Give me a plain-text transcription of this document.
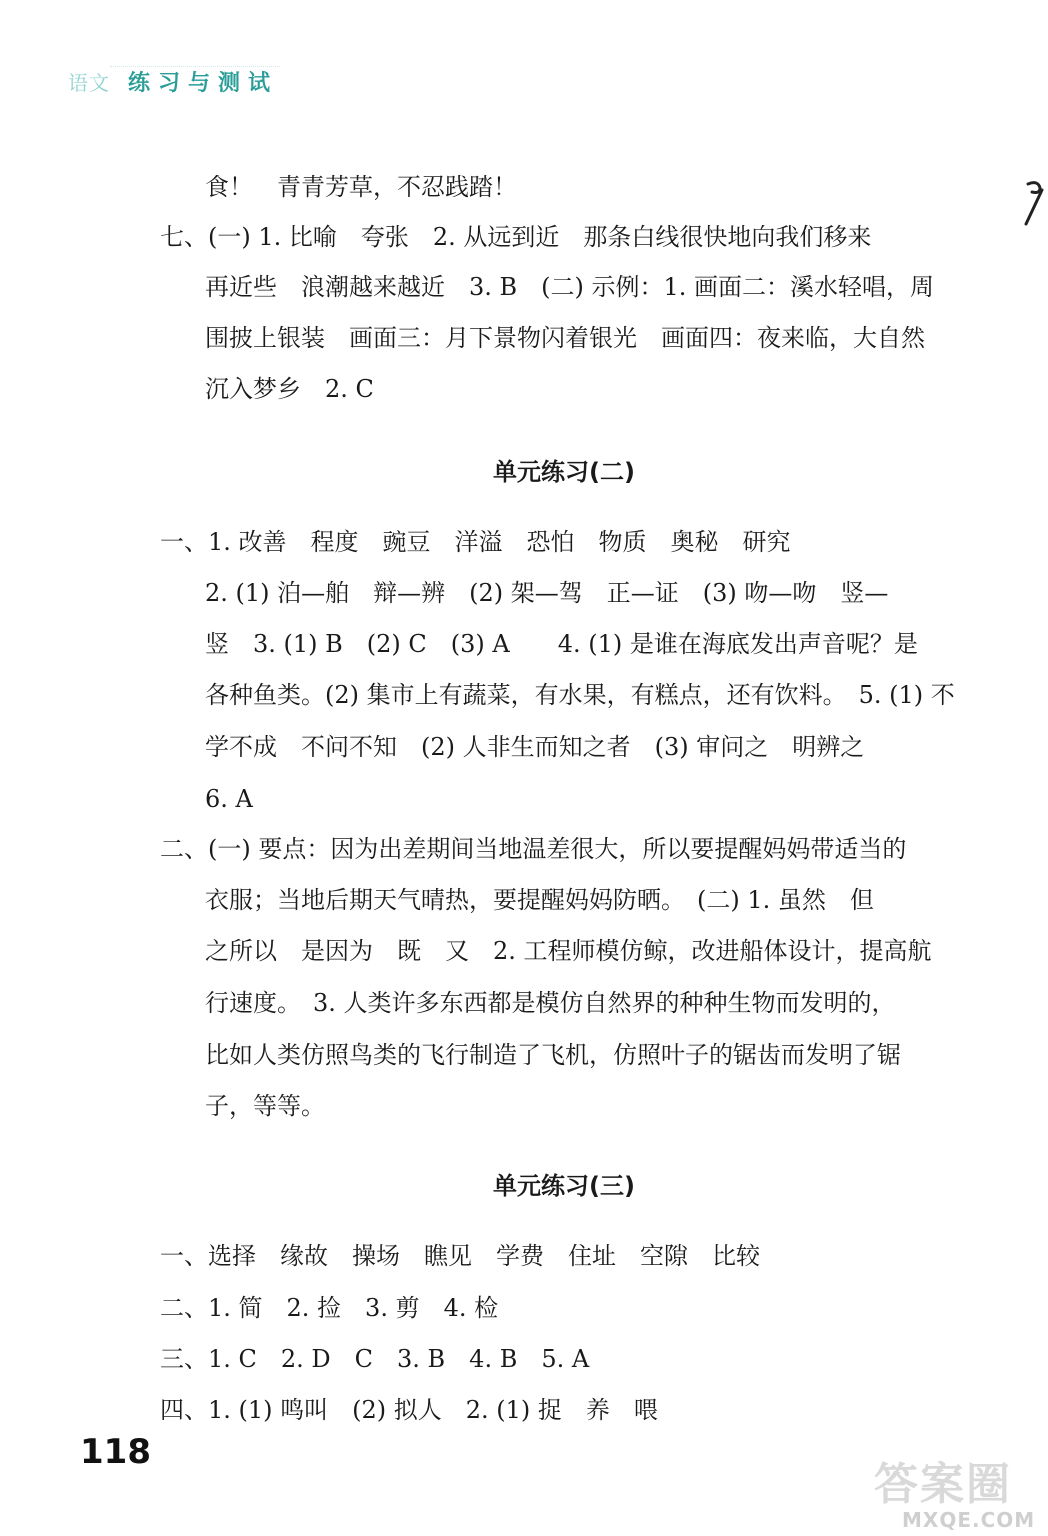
语文 练习与测试
食！　青青芳草，不忍践踏！
七、(一) 1. 比喻　夸张　2. 从远到近　那条白线很快地向我们移来
再近些　浪潮越来越近　3. B　(二) 示例：1. 画面二：溪水轻唱，周
围披上银装　画面三：月下景物闪着银光　画面四：夜来临，大自然
沉入梦乡　2. C
单元练习(二)
一、1. 改善　程度　豌豆　洋溢　恐怕　物质　奥秘　研究
2. (1) 泊—舶　辩—辨　(2) 架—驾　正—证　(3) 吻—吻　竖—
竖　3. (1) B　(2) C　(3) A　　4. (1) 是谁在海底发出声音呢？是
各种鱼类。(2) 集市上有蔬菜，有水果，有糕点，还有饮料。　5. (1) 不
学不成　不问不知　(2) 人非生而知之者　(3) 审问之　明辨之
6. A
二、(一) 要点：因为出差期间当地温差很大，所以要提醒妈妈带适当的
衣服；当地后期天气晴热，要提醒妈妈防晒。　(二) 1. 虽然　但
之所以　是因为　既　又　2. 工程师模仿鲸，改进船体设计，提高航
行速度。　3. 人类许多东西都是模仿自然界的种种生物而发明的，
比如人类仿照鸟类的飞行制造了飞机，仿照叶子的锯齿而发明了锯
子，等等。
单元练习(三)
一、选择　缘故　操场　瞧见　学费　住址　空隙　比较
二、1. 简　2. 捡　3. 剪　4. 检
三、1. C　2. D　C　3. B　4. B　5. A
四、1. (1) 鸣叫　(2) 拟人　2. (1) 捉　养　喂
118
答案圈
MXQE.COM
